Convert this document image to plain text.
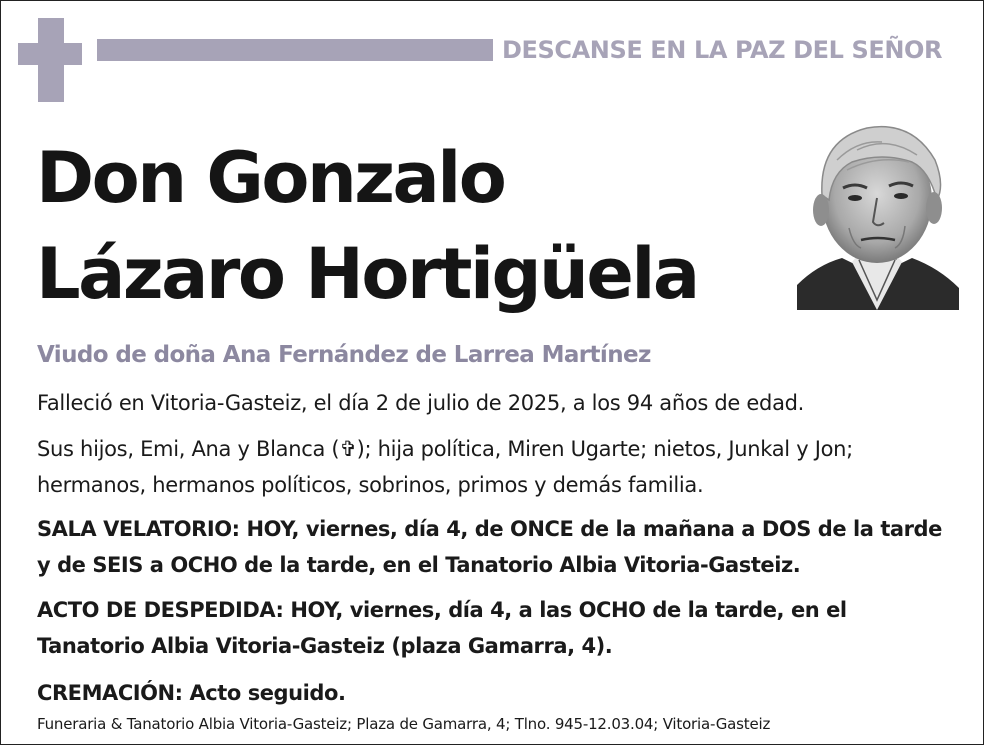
DESCANSE EN LA PAZ DEL SEÑOR
Don Gonzalo
Lázaro Hortigüela
Viudo de doña Ana Fernández de Larrea Martínez
Falleció en Vitoria-Gasteiz, el día 2 de julio de 2025, a los 94 años de edad.
Sus hijos, Emi, Ana y Blanca (✞); hija política, Miren Ugarte; nietos, Junkal y Jon; hermanos, hermanos políticos, sobrinos, primos y demás familia.
SALA VELATORIO: HOY, viernes, día 4, de ONCE de la mañana a DOS de la tarde y de SEIS a OCHO de la tarde, en el Tanatorio Albia Vitoria-Gasteiz.
ACTO DE DESPEDIDA: HOY, viernes, día 4, a las OCHO de la tarde, en el Tanatorio Albia Vitoria-Gasteiz (plaza Gamarra, 4).
CREMACIÓN: Acto seguido.
Funeraria & Tanatorio Albia Vitoria-Gasteiz; Plaza de Gamarra, 4; Tlno. 945-12.03.04; Vitoria-Gasteiz
